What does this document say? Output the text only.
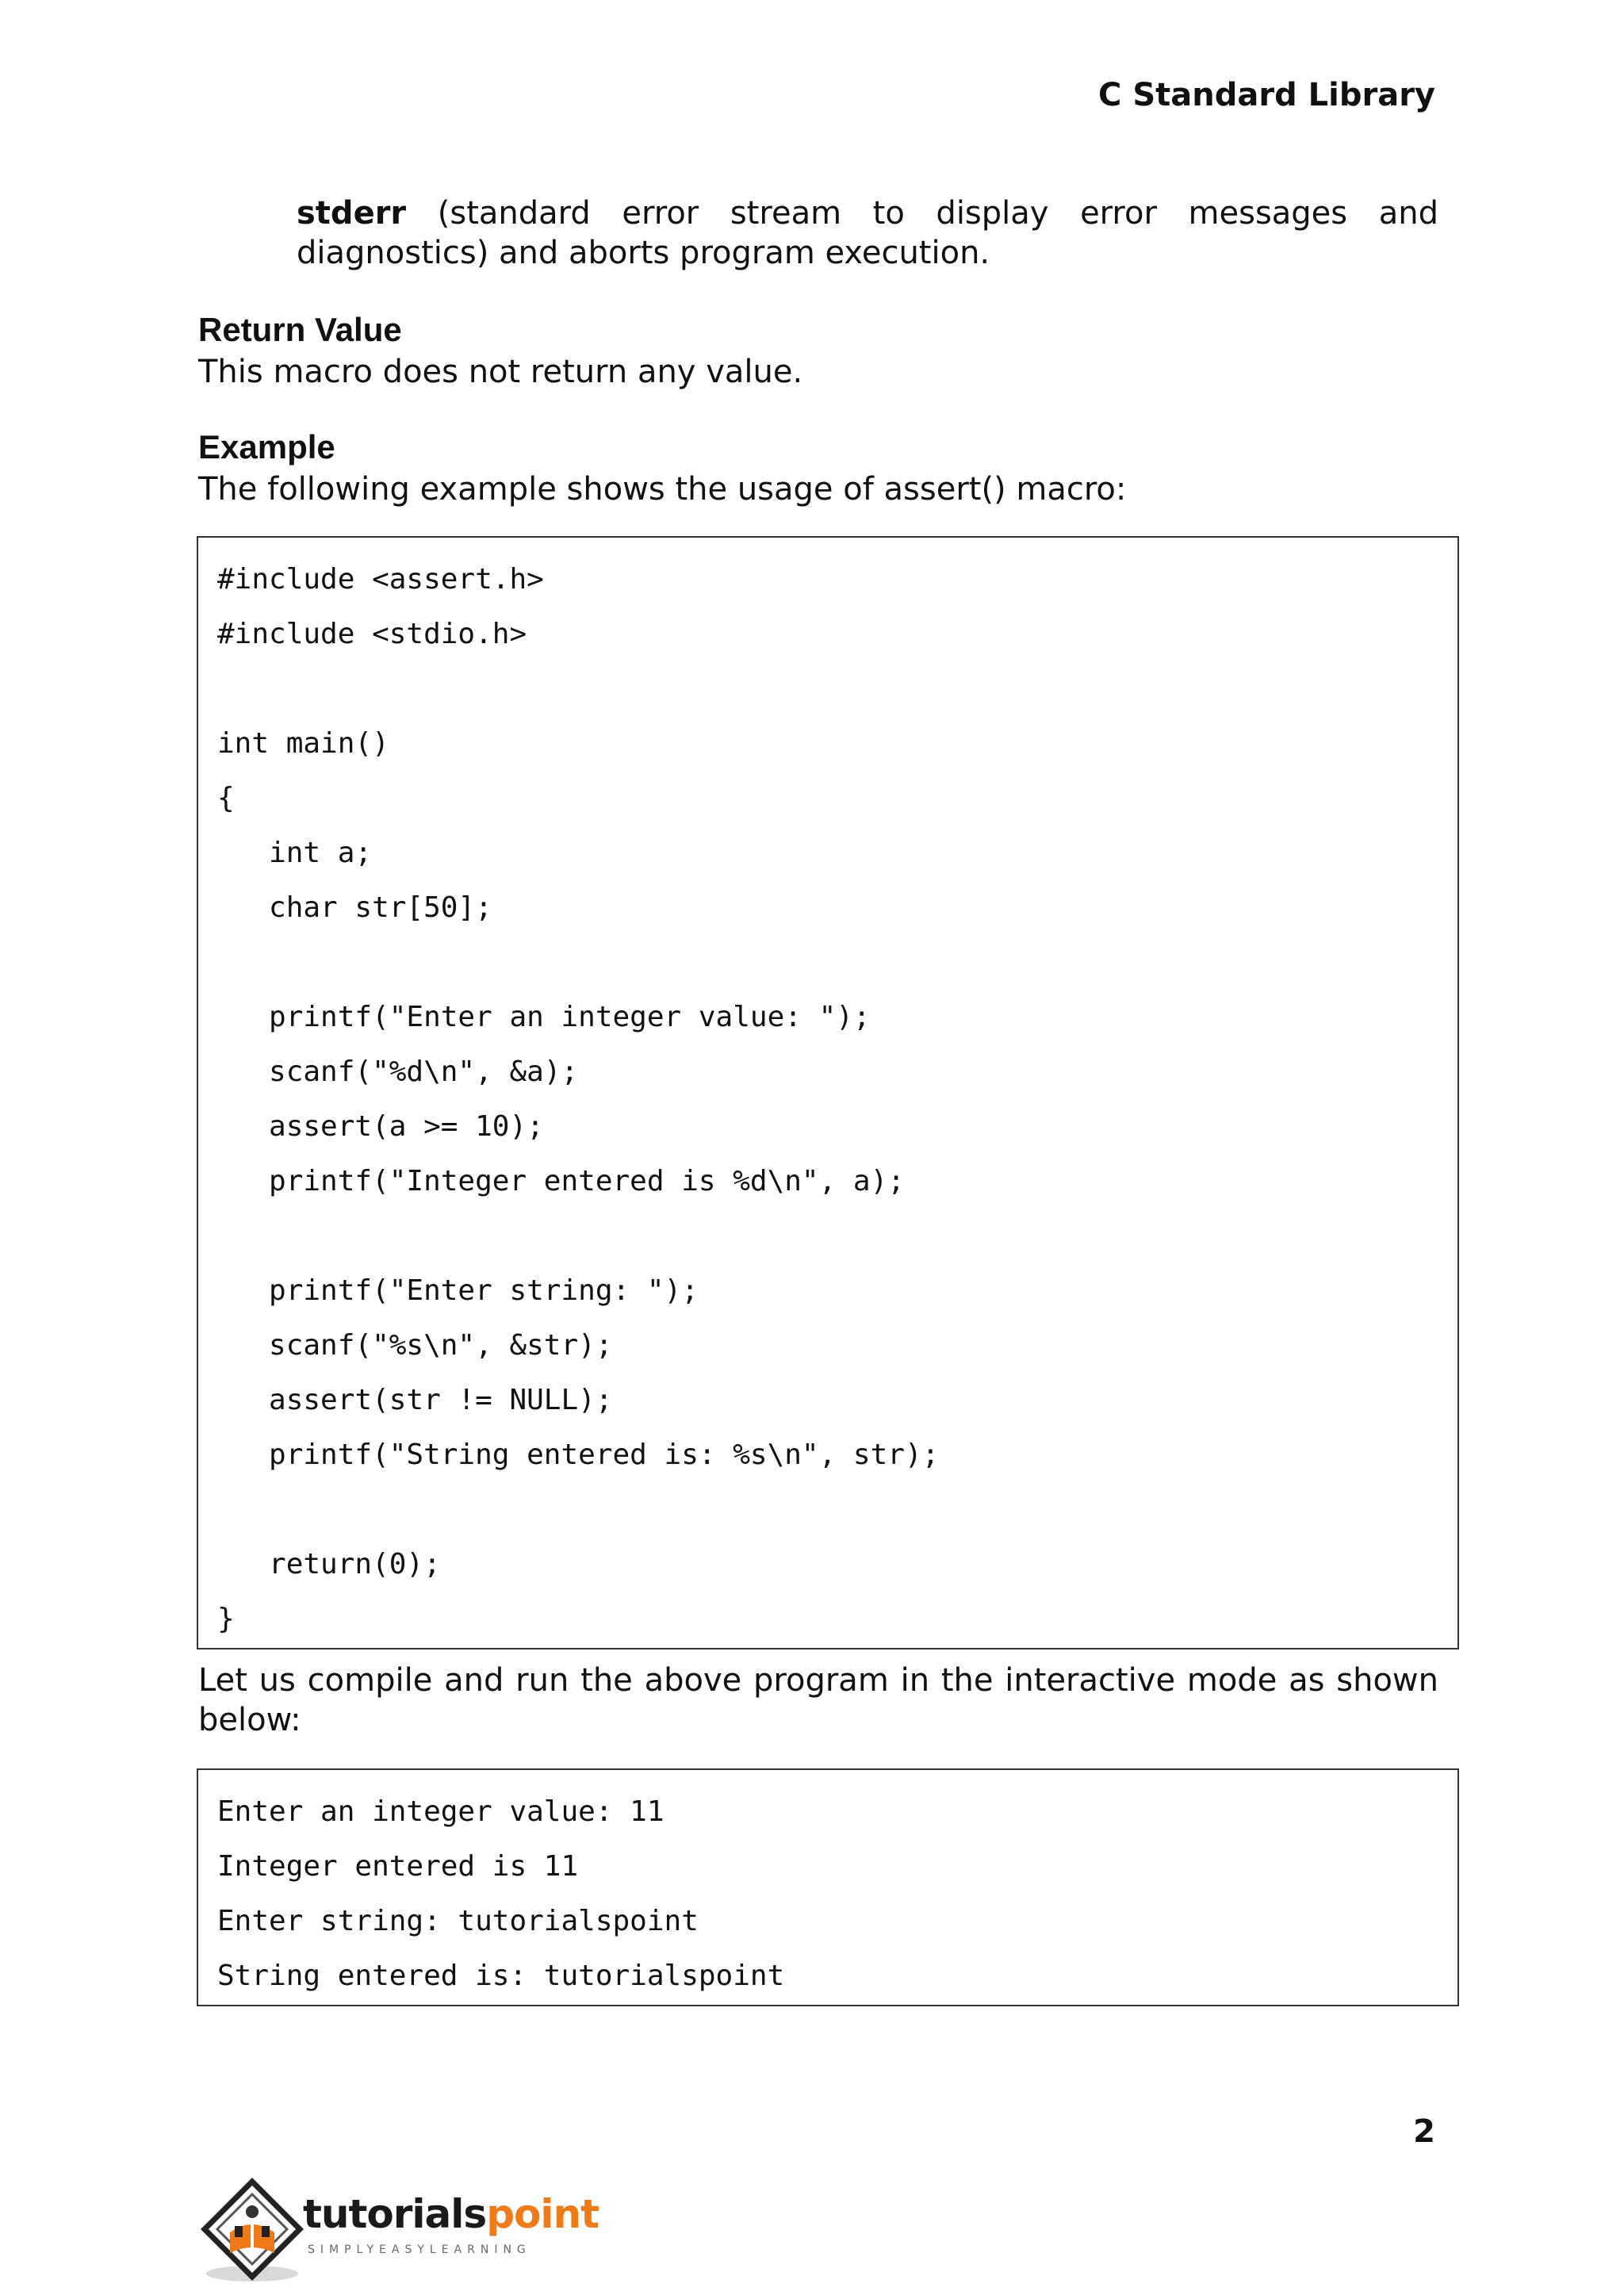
C Standard Library

stderr (standard error stream to display error messages and diagnostics) and aborts program execution.

Return Value

This macro does not return any value.

Example

The following example shows the usage of assert() macro:

#include <assert.h>
#include <stdio.h>
int main()
{
int a;
char str[50];
printf("Enter an integer value: ");
scanf("%d\n", &a);
assert(a >= 10);
printf("Integer entered is %d\n", a);
printf("Enter string: ");
scanf("%s\n", &str);
assert(str != NULL);
printf("String entered is: %s\n", str);
return(0);
}

Let us compile and run the above program in the interactive mode as shown below:

Enter an integer value: 11
Integer entered is 11
Enter string: tutorialspoint
String entered is: tutorialspoint
2
tutorialspoint
SIMPLYEASYLEARNING
